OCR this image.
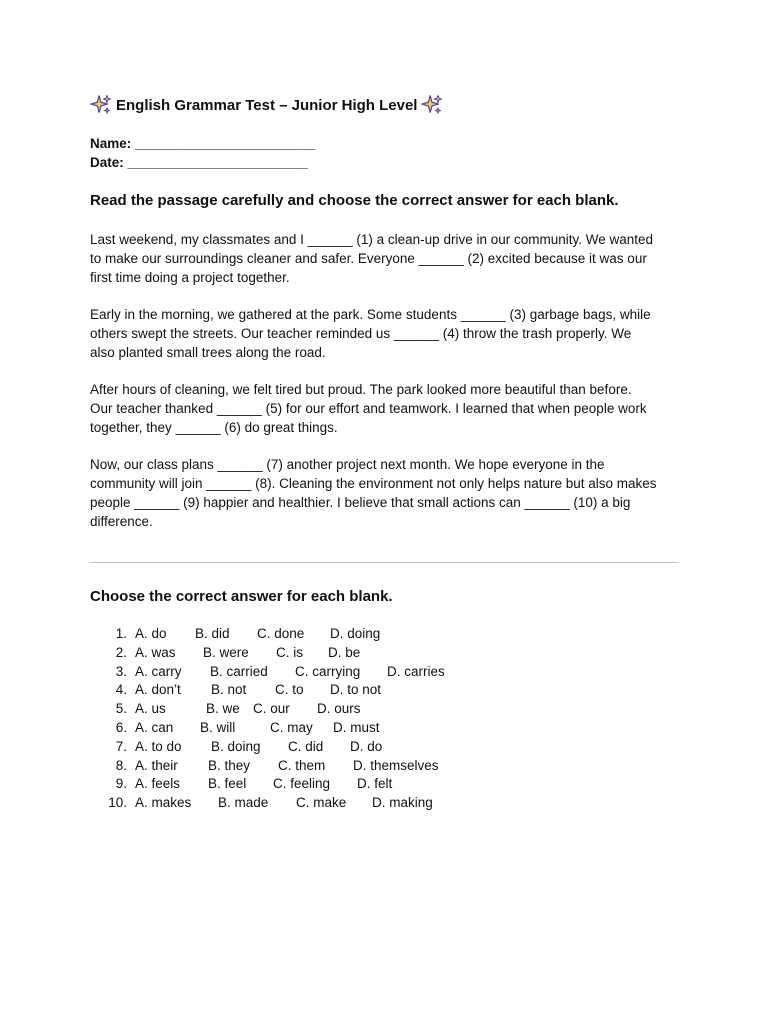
English Grammar Test – Junior High Level
Name: ________________________
Date: ________________________
Read the passage carefully and choose the correct answer for each blank.
Last weekend, my classmates and I ______ (1) a clean-up drive in our community. We wanted
to make our surroundings cleaner and safer. Everyone ______ (2) excited because it was our
first time doing a project together.
Early in the morning, we gathered at the park. Some students ______ (3) garbage bags, while
others swept the streets. Our teacher reminded us ______ (4) throw the trash properly. We
also planted small trees along the road.
After hours of cleaning, we felt tired but proud. The park looked more beautiful than before.
Our teacher thanked ______ (5) for our effort and teamwork. I learned that when people work
together, they ______ (6) do great things.
Now, our class plans ______ (7) another project next month. We hope everyone in the
community will join ______ (8). Cleaning the environment not only helps nature but also makes
people ______ (9) happier and healthier. I believe that small actions can ______ (10) a big
difference.
Choose the correct answer for each blank.
1. A. do B. did C. done D. doing
2. A. was B. were C. is D. be
3. A. carry B. carried C. carrying D. carries
4. A. don’t B. not C. to D. to not
5. A. us	B. we C. our D. ours
6. A. can B. will	C. may D. must
7. A. to do B. doing C. did D. do
8. A. their B. they C. them D. themselves
9. A. feels B. feel C. feeling D. felt
10. A. makes B. made C. make D. making
